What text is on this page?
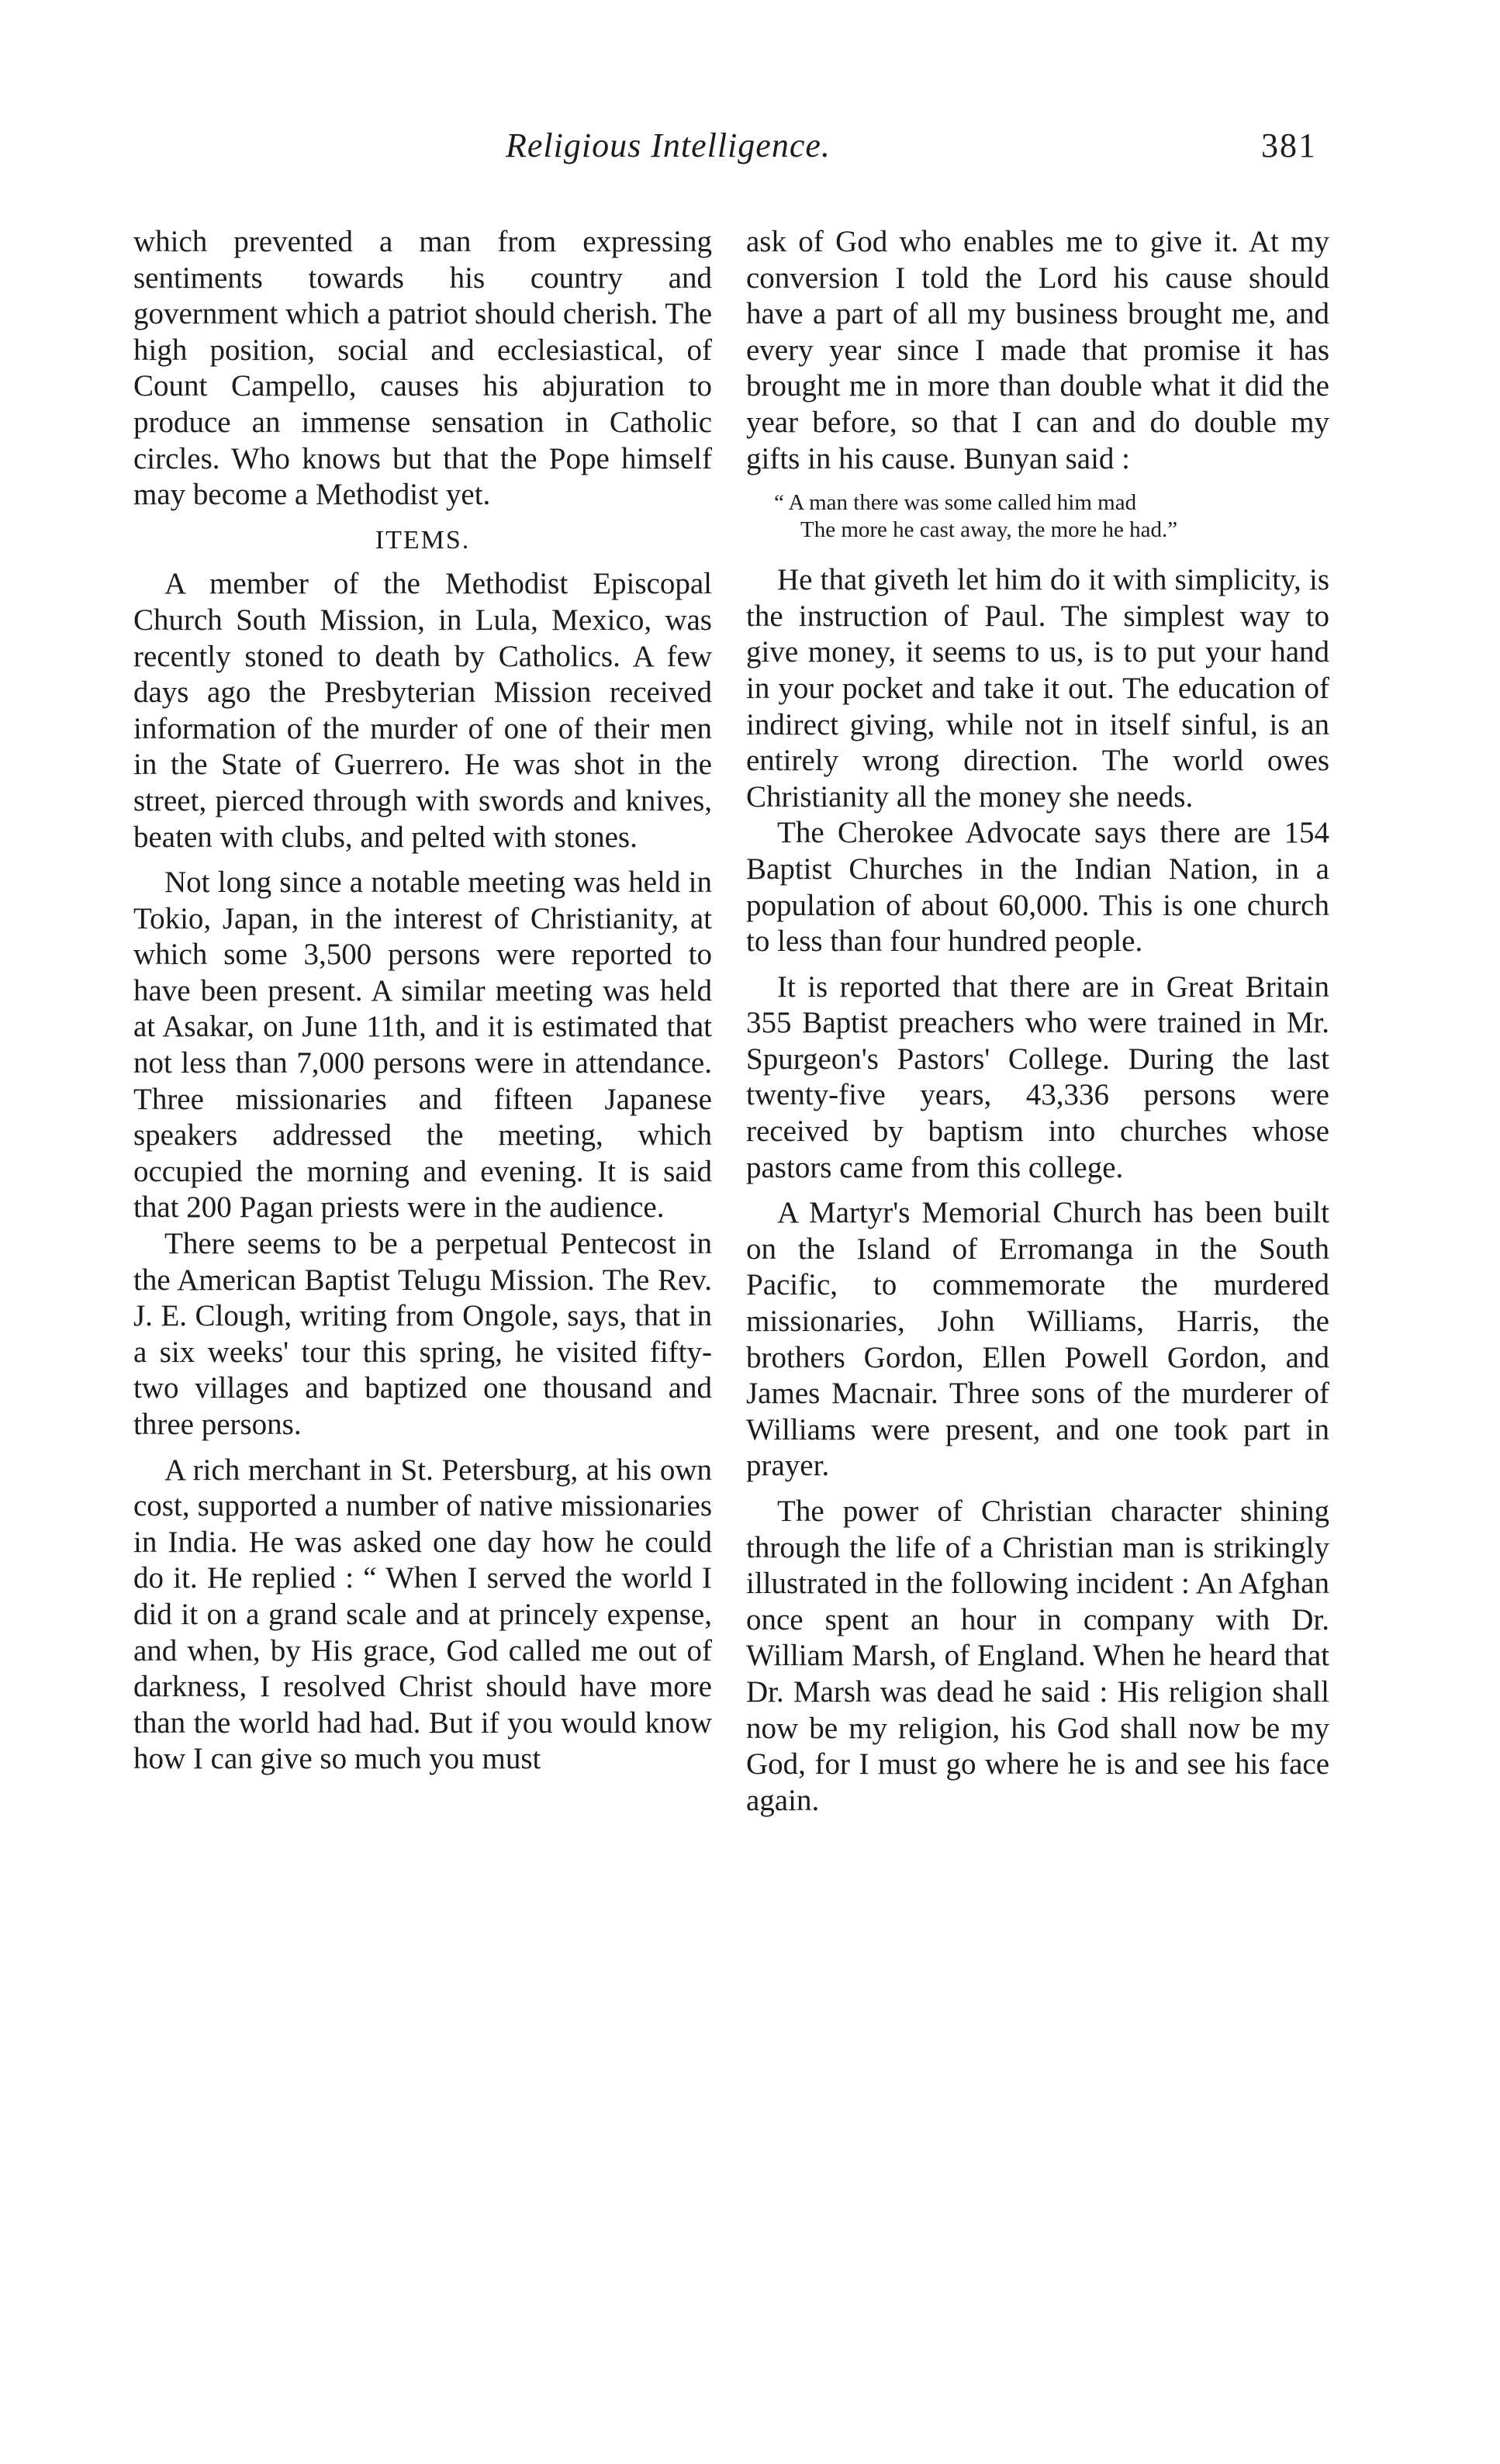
Religious Intelligence.	381

which prevented a man from expressing sentiments towards his country and government which a patriot should cherish. The high position, social and ecclesiastical, of Count Campello, causes his abjuration to produce an immense sensation in Catholic circles. Who knows but that the Pope himself may become a Methodist yet.

ITEMS.

A member of the Methodist Episcopal Church South Mission, in Lula, Mexico, was recently stoned to death by Catholics. A few days ago the Presbyterian Mission received information of the murder of one of their men in the State of Guerrero. He was shot in the street, pierced through with swords and knives, beaten with clubs, and pelted with stones.

Not long since a notable meeting was held in Tokio, Japan, in the interest of Christianity, at which some 3,500 persons were reported to have been present. A similar meeting was held at Asakar, on June 11th, and it is estimated that not less than 7,000 persons were in attendance. Three missionaries and fifteen Japanese speakers addressed the meeting, which occupied the morning and evening. It is said that 200 Pagan priests were in the audience.

There seems to be a perpetual Pentecost in the American Baptist Telugu Mission. The Rev. J. E. Clough, writing from Ongole, says, that in a six weeks' tour this spring, he visited fifty-two villages and baptized one thousand and three persons.

A rich merchant in St. Petersburg, at his own cost, supported a number of native missionaries in India. He was asked one day how he could do it. He replied : “ When I served the world I did it on a grand scale and at princely expense, and when, by His grace, God called me out of darkness, I resolved Christ should have more than the world had had. But if you would know how I can give so much you must

ask of God who enables me to give it. At my conversion I told the Lord his cause should have a part of all my business brought me, and every year since I made that promise it has brought me in more than double what it did the year before, so that I can and do double my gifts in his cause. Bunyan said :

“ A man there was some called him mad
The more he cast away, the more he had.”

He that giveth let him do it with simplicity, is the instruction of Paul. The simplest way to give money, it seems to us, is to put your hand in your pocket and take it out. The education of indirect giving, while not in itself sinful, is an entirely wrong direction. The world owes Christianity all the money she needs.

The Cherokee Advocate says there are 154 Baptist Churches in the Indian Nation, in a population of about 60,000. This is one church to less than four hundred people.

It is reported that there are in Great Britain 355 Baptist preachers who were trained in Mr. Spurgeon's Pastors' College. During the last twenty-five years, 43,336 persons were received by baptism into churches whose pastors came from this college.

A Martyr's Memorial Church has been built on the Island of Erromanga in the South Pacific, to commemorate the murdered missionaries, John Williams, Harris, the brothers Gordon, Ellen Powell Gordon, and James Macnair. Three sons of the murderer of Williams were present, and one took part in prayer.

The power of Christian character shining through the life of a Christian man is strikingly illustrated in the following incident : An Afghan once spent an hour in company with Dr. William Marsh, of England. When he heard that Dr. Marsh was dead he said : His religion shall now be my religion, his God shall now be my God, for I must go where he is and see his face again.
